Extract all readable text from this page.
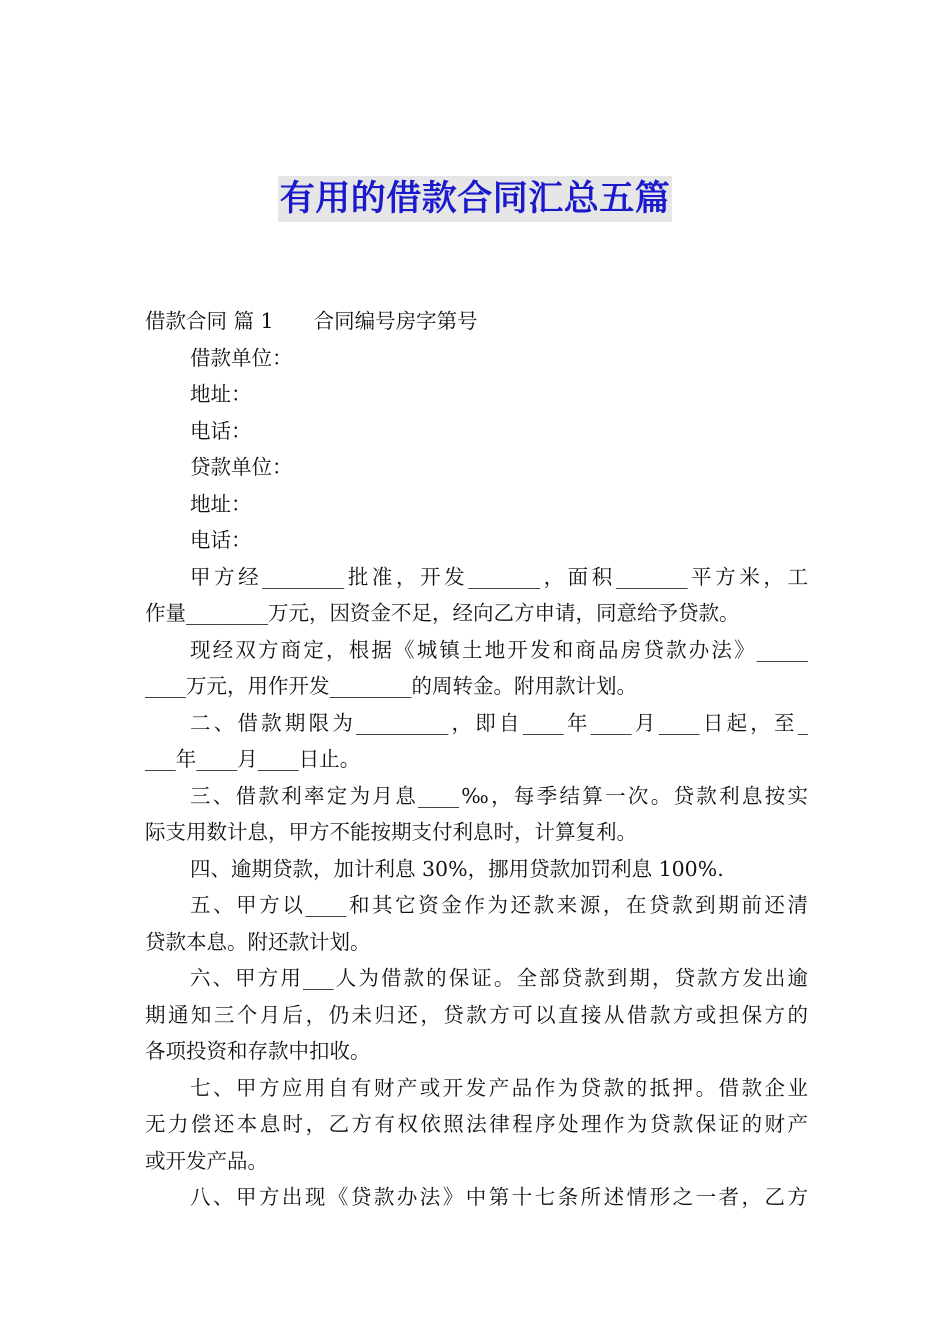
有用的借款合同汇总五篇
借款合同 篇 1 合同编号房字第号
借款单位：
地址：
电话：
贷款单位：
地址：
电话：
甲方经________批准，开发_______，面积_______平方米，工
作量________万元，因资金不足，经向乙方申请，同意给予贷款。
现经双方商定，根据《城镇土地开发和商品房贷款办法》_____
____万元，用作开发________的周转金。附用款计划。
二、借款期限为_________，即自____年____月____日起，至_
___年____月____日止。
三、借款利率定为月息____‰，每季结算一次。贷款利息按实
际支用数计息，甲方不能按期支付利息时，计算复利。
四、逾期贷款，加计利息 30%，挪用贷款加罚利息 100%.
五、甲方以____和其它资金作为还款来源，在贷款到期前还清
贷款本息。附还款计划。
六、甲方用___人为借款的保证。全部贷款到期，贷款方发出逾
期通知三个月后，仍未归还，贷款方可以直接从借款方或担保方的
各项投资和存款中扣收。
七、甲方应用自有财产或开发产品作为贷款的抵押。借款企业
无力偿还本息时，乙方有权依照法律程序处理作为贷款保证的财产
或开发产品。
八、甲方出现《贷款办法》中第十七条所述情形之一者，乙方
